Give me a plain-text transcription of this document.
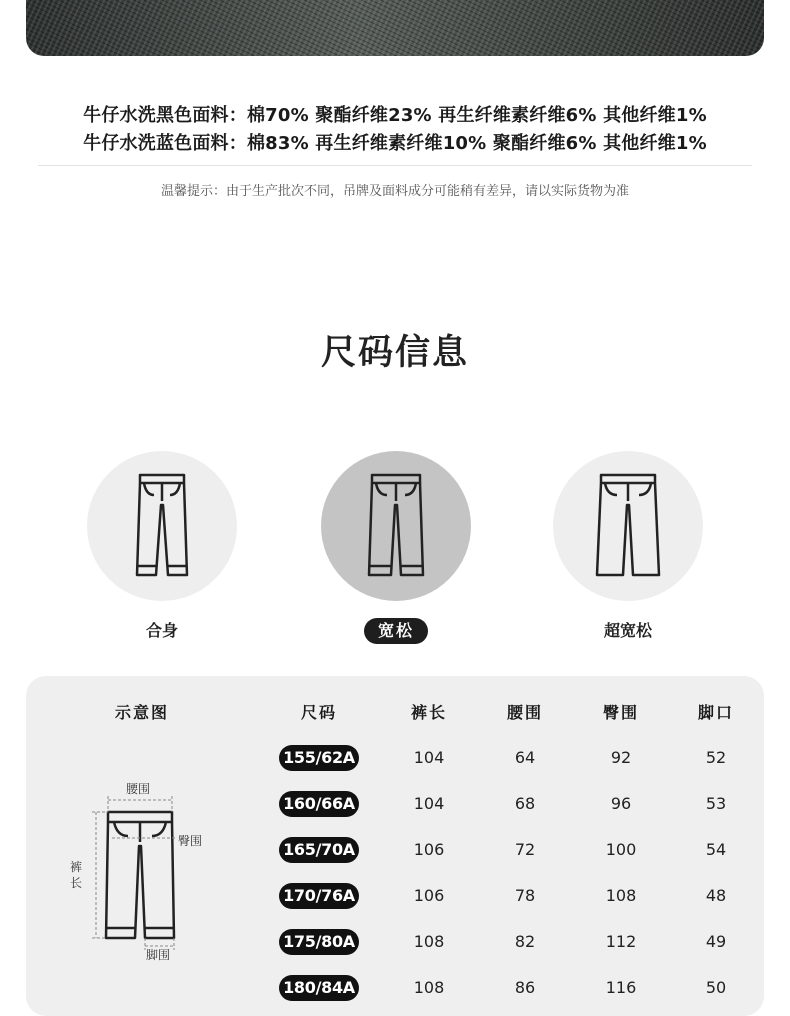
牛仔水洗黑色面料：棉70% 聚酯纤维23% 再生纤维素纤维6% 其他纤维1%
牛仔水洗蓝色面料：棉83% 再生纤维素纤维10% 聚酯纤维6% 其他纤维1%
温馨提示：由于生产批次不同，吊牌及面料成分可能稍有差异，请以实际货物为准
尺码信息
合身	宽松	超宽松
示意图	尺码	裤长	腰围	臀围	脚口
155/62A	104	64	92	52
160/66A	104	68	96	53
165/70A	106	72	100	54
170/76A	106	78	108	48
175/80A	108	82	112	49
180/84A	108	86	116	50
腰围
臀围
裤
长
脚围
